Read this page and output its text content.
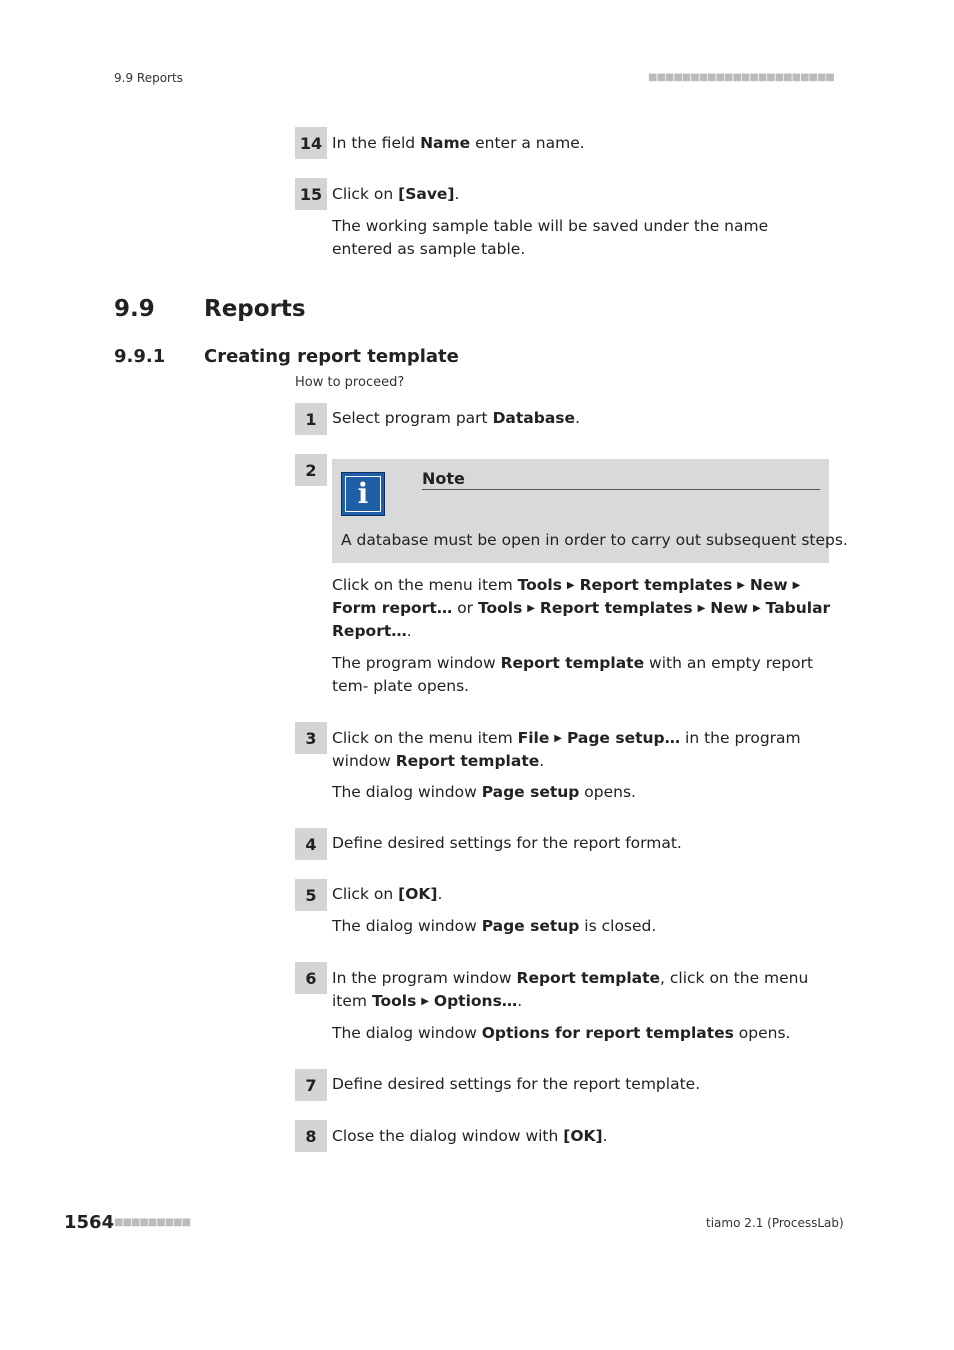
9.9 Reports	■■■■■■■■■■■■■■■■■■■■■■
14 In the field Name enter a name.
15 Click on [Save].
The working sample table will be saved under the name entered as sample table.
9.9 Reports
9.9.1 Creating report template
How to proceed?
1 Select program part Database.
2
i	Note
A database must be open in order to carry out subsequent steps.
Click on the menu item Tools ▶ Report templates ▶ New ▶ Form report… or Tools ▶ Report templates ▶ New ▶ Tabular Report….
The program window Report template with an empty report tem- plate opens.
3 Click on the menu item File ▶ Page setup… in the program window Report template.
The dialog window Page setup opens.
4 Define desired settings for the report format.
5 Click on [OK].
The dialog window Page setup is closed.
6 In the program window Report template, click on the menu item Tools ▶ Options….
The dialog window Options for report templates opens.
7 Define desired settings for the report template.
8 Close the dialog window with [OK].
1564 ■■■■■■■■■	tiamo 2.1 (ProcessLab)
